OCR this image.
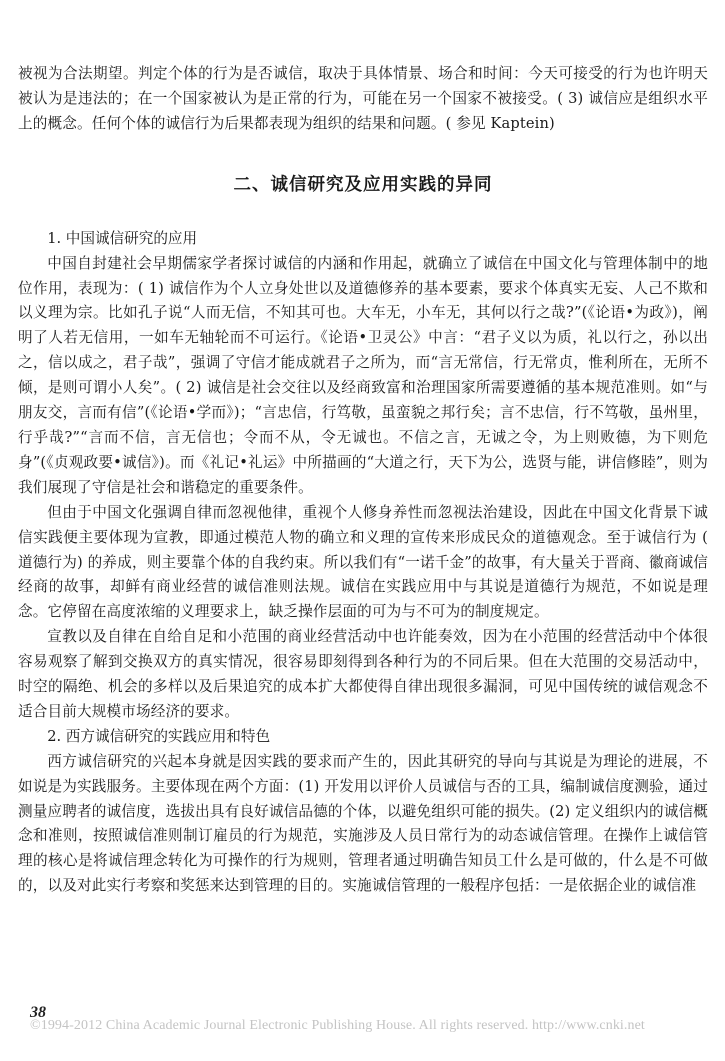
被视为合法期望。判定个体的行为是否诚信，取决于具体情景、场合和时间：今天可接受的行为也许明天被认为是违法的；在一个国家被认为是正常的行为，可能在另一个国家不被接受。( 3) 诚信应是组织水平上的概念。任何个体的诚信行为后果都表现为组织的结果和问题。( 参见 Kaptein)

二、诚信研究及应用实践的异同

1. 中国诚信研究的应用

中国自封建社会早期儒家学者探讨诚信的内涵和作用起，就确立了诚信在中国文化与管理体制中的地位作用，表现为：( 1) 诚信作为个人立身处世以及道德修养的基本要素，要求个体真实无妄、人己不欺和以义理为宗。比如孔子说“人而无信，不知其可也。大车无，小车无，其何以行之哉?”(《论语•为政》)，阐明了人若无信用，一如车无轴轮而不可运行。《论语•卫灵公》中言：“君子义以为质，礼以行之，孙以出之，信以成之，君子哉”，强调了守信才能成就君子之所为，而“言无常信，行无常贞，惟利所在，无所不倾，是则可谓小人矣”。( 2) 诚信是社会交往以及经商致富和治理国家所需要遵循的基本规范准则。如“与朋友交，言而有信”(《论语•学而》)；“言忠信，行笃敬，虽蛮貌之邦行矣；言不忠信，行不笃敬，虽州里，行乎哉?”“言而不信，言无信也；令而不从，令无诚也。不信之言，无诚之令，为上则败德，为下则危身”(《贞观政要•诚信》)。而《礼记•礼运》中所描画的“大道之行，天下为公，选贤与能，讲信修睦”，则为我们展现了守信是社会和谐稳定的重要条件。

但由于中国文化强调自律而忽视他律，重视个人修身养性而忽视法治建设，因此在中国文化背景下诚信实践便主要体现为宣教，即通过模范人物的确立和义理的宣传来形成民众的道德观念。至于诚信行为 ( 道德行为) 的养成，则主要靠个体的自我约束。所以我们有“一诺千金”的故事，有大量关于晋商、徽商诚信经商的故事，却鲜有商业经营的诚信准则法规。诚信在实践应用中与其说是道德行为规范，不如说是理念。它停留在高度浓缩的义理要求上，缺乏操作层面的可为与不可为的制度规定。

宣教以及自律在自给自足和小范围的商业经营活动中也许能奏效，因为在小范围的经营活动中个体很容易观察了解到交换双方的真实情况，很容易即刻得到各种行为的不同后果。但在大范围的交易活动中，时空的隔绝、机会的多样以及后果追究的成本扩大都使得自律出现很多漏洞，可见中国传统的诚信观念不适合目前大规模市场经济的要求。

2. 西方诚信研究的实践应用和特色

西方诚信研究的兴起本身就是因实践的要求而产生的，因此其研究的导向与其说是为理论的进展，不如说是为实践服务。主要体现在两个方面：(1) 开发用以评价人员诚信与否的工具，编制诚信度测验，通过测量应聘者的诚信度，选拔出具有良好诚信品德的个体，以避免组织可能的损失。(2) 定义组织内的诚信概念和准则，按照诚信准则制订雇员的行为规范，实施涉及人员日常行为的动态诚信管理。在操作上诚信管理的核心是将诚信理念转化为可操作的行为规则，管理者通过明确告知员工什么是可做的，什么是不可做的，以及对此实行考察和奖惩来达到管理的目的。实施诚信管理的一般程序包括：一是依据企业的诚信准

38
©1994-2012 China Academic Journal Electronic Publishing House. All rights reserved. http://www.cnki.net
